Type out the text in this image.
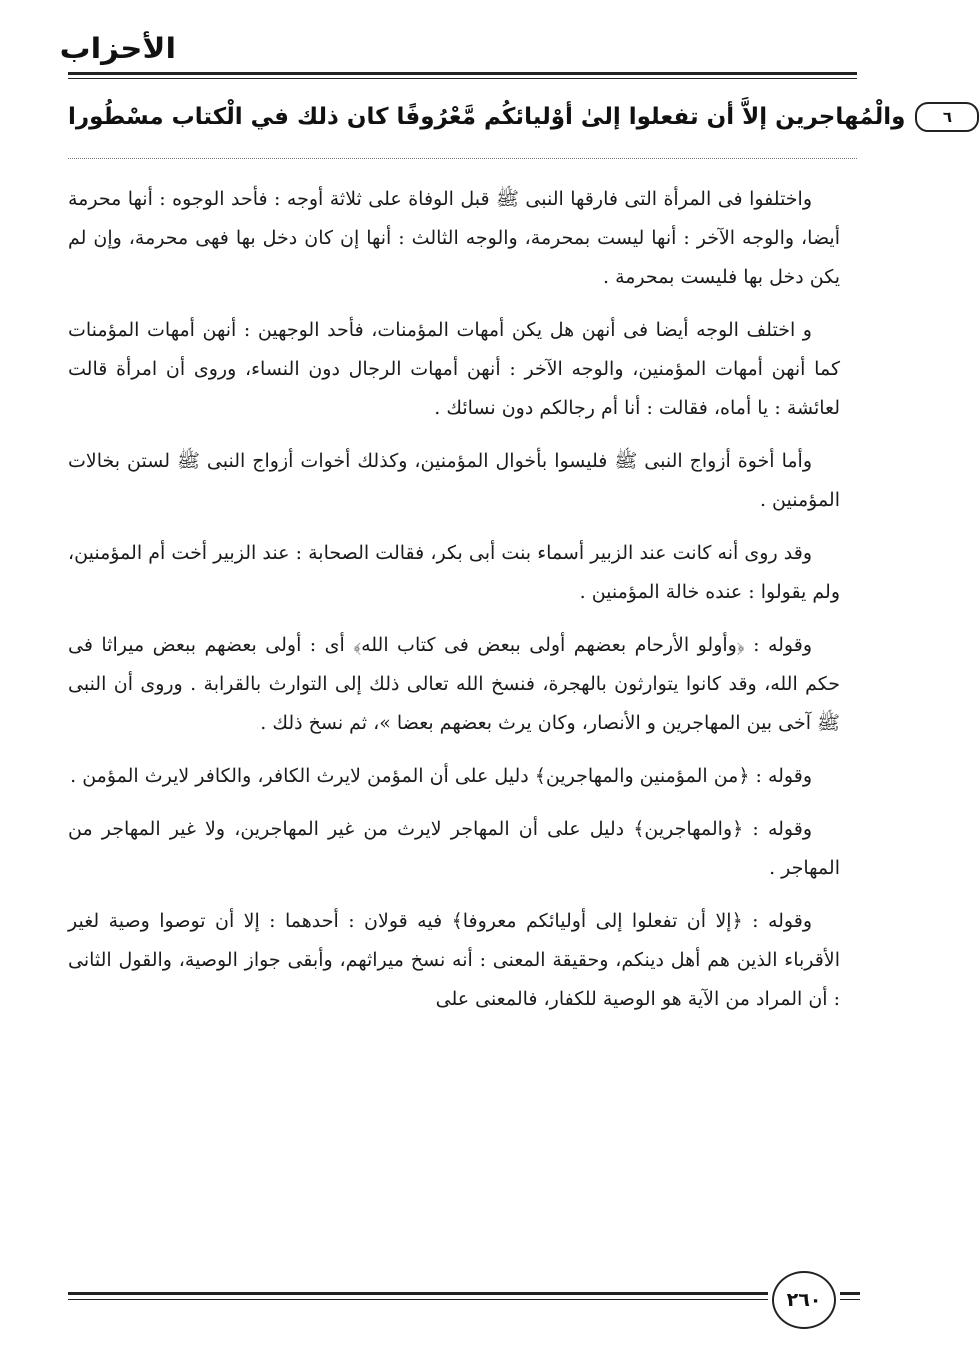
الأحزاب
والْمُهاجرين إلاَّ أن تفعلوا إلىٰ أوْليائكُم مَّعْرُوفًا كان ذلك في الْكتاب مسْطُورا	٦

واختلفوا فى المرأة التى فارقها النبى ﷺ قبل الوفاة على ثلاثة أوجه : فأحد الوجوه : أنها محرمة أيضا، والوجه الآخر : أنها ليست بمحرمة، والوجه الثالث : أنها إن كان دخل بها فهى محرمة، وإن لم يكن دخل بها فليست بمحرمة .

و اختلف الوجه أيضا فى أنهن هل يكن أمهات المؤمنات، فأحد الوجهين : أنهن أمهات المؤمنات كما أنهن أمهات المؤمنين، والوجه الآخر : أنهن أمهات الرجال دون النساء، وروى أن امرأة قالت لعائشة : يا أماه، فقالت : أنا أم رجالكم دون نسائك .

وأما أخوة أزواج النبى ﷺ فليسوا بأخوال المؤمنين، وكذلك أخوات أزواج النبى ﷺ لستن بخالات المؤمنين .

وقد روى أنه كانت عند الزبير أسماء بنت أبى بكر، فقالت الصحابة : عند الزبير أخت أم المؤمنين، ولم يقولوا : عنده خالة المؤمنين .

وقوله : ﴿وأولو الأرحام بعضهم أولى ببعض فى كتاب الله﴾ أى : أولى بعضهم ببعض ميراثا فى حكم الله، وقد كانوا يتوارثون بالهجرة، فنسخ الله تعالى ذلك إلى التوارث بالقرابة . وروى أن النبى ﷺ آخى بين المهاجرين و الأنصار، وكان يرث بعضهم بعضا »، ثم نسخ ذلك .

وقوله : ﴿من المؤمنين والمهاجرين﴾ دليل على أن المؤمن لايرث الكافر، والكافر لايرث المؤمن .

وقوله : ﴿والمهاجرين﴾ دليل على أن المهاجر لايرث من غير المهاجرين، ولا غير المهاجر من المهاجر .

وقوله : ﴿إلا أن تفعلوا إلى أوليائكم معروفا﴾ فيه قولان : أحدهما : إلا أن توصوا وصية لغير الأقرباء الذين هم أهل دينكم، وحقيقة المعنى : أنه نسخ ميراثهم، وأبقى جواز الوصية، والقول الثانى : أن المراد من الآية هو الوصية للكفار، فالمعنى على

٢٦٠
